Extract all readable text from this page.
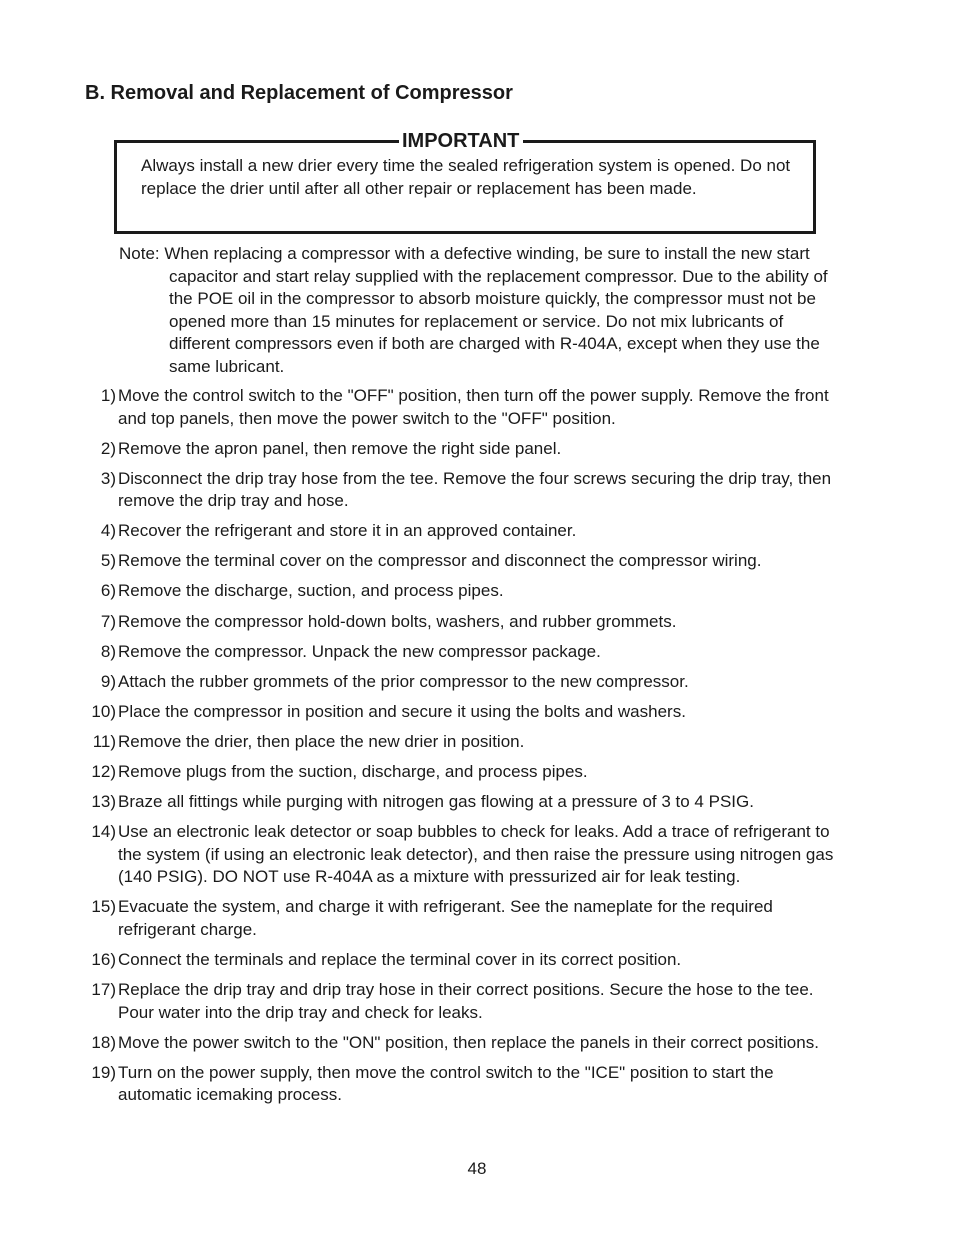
B. Removal and Replacement of Compressor
IMPORTANT
Always install a new drier every time the sealed refrigeration system is opened. Do not replace the drier until after all other repair or replacement has been made.
Note: When replacing a compressor with a defective winding, be sure to install the new start capacitor and start relay supplied with the replacement compressor. Due to the ability of the POE oil in the compressor to absorb moisture quickly, the compressor must not be opened more than 15 minutes for replacement or service. Do not mix lubricants of different compressors even if both are charged with R-404A, except when they use the same lubricant.
1) Move the control switch to the "OFF" position, then turn off the power supply. Remove the front and top panels, then move the power switch to the "OFF" position.
2) Remove the apron panel, then remove the right side panel.
3) Disconnect the drip tray hose from the tee. Remove the four screws securing the drip tray, then remove the drip tray and hose.
4) Recover the refrigerant and store it in an approved container.
5) Remove the terminal cover on the compressor and disconnect the compressor wiring.
6) Remove the discharge, suction, and process pipes.
7) Remove the compressor hold-down bolts, washers, and rubber grommets.
8) Remove the compressor. Unpack the new compressor package.
9) Attach the rubber grommets of the prior compressor to the new compressor.
10) Place the compressor in position and secure it using the bolts and washers.
11) Remove the drier, then place the new drier in position.
12) Remove plugs from the suction, discharge, and process pipes.
13) Braze all fittings while purging with nitrogen gas flowing at a pressure of 3 to 4 PSIG.
14) Use an electronic leak detector or soap bubbles to check for leaks. Add a trace of refrigerant to the system (if using an electronic leak detector), and then raise the pressure using nitrogen gas (140 PSIG). DO NOT use R-404A as a mixture with pressurized air for leak testing.
15) Evacuate the system, and charge it with refrigerant. See the nameplate for the required refrigerant charge.
16) Connect the terminals and replace the terminal cover in its correct position.
17) Replace the drip tray and drip tray hose in their correct positions. Secure the hose to the tee. Pour water into the drip tray and check for leaks.
18) Move the power switch to the "ON" position, then replace the panels in their correct positions.
19) Turn on the power supply, then move the control switch to the "ICE" position to start the automatic icemaking process.
48
